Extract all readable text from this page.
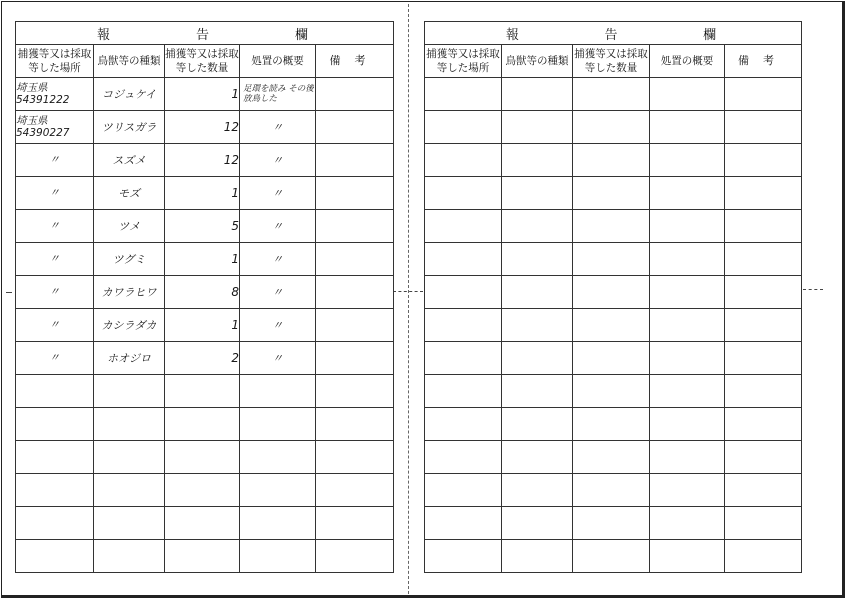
報 告 欄				

捕獲等又は採取等した場所	鳥獣等の種類	捕獲等又は採取等した数量	処置の概要	備考

埼玉県
54391222	コジュケイ	1	足環を読み その後放鳥した	

埼玉県
54390227	ツリスガラ	12	〃	

〃	スズメ	12	〃	

〃	モズ	1	〃	

〃	ツメ	5	〃	

〃	ツグミ	1	〃	

〃	カワラヒワ	8	〃	

〃	カシラダカ	1	〃	

〃	ホオジロ	2	〃	

報 告 欄				

捕獲等又は採取等した場所	鳥獣等の種類	捕獲等又は採取等した数量	処置の概要	備考
